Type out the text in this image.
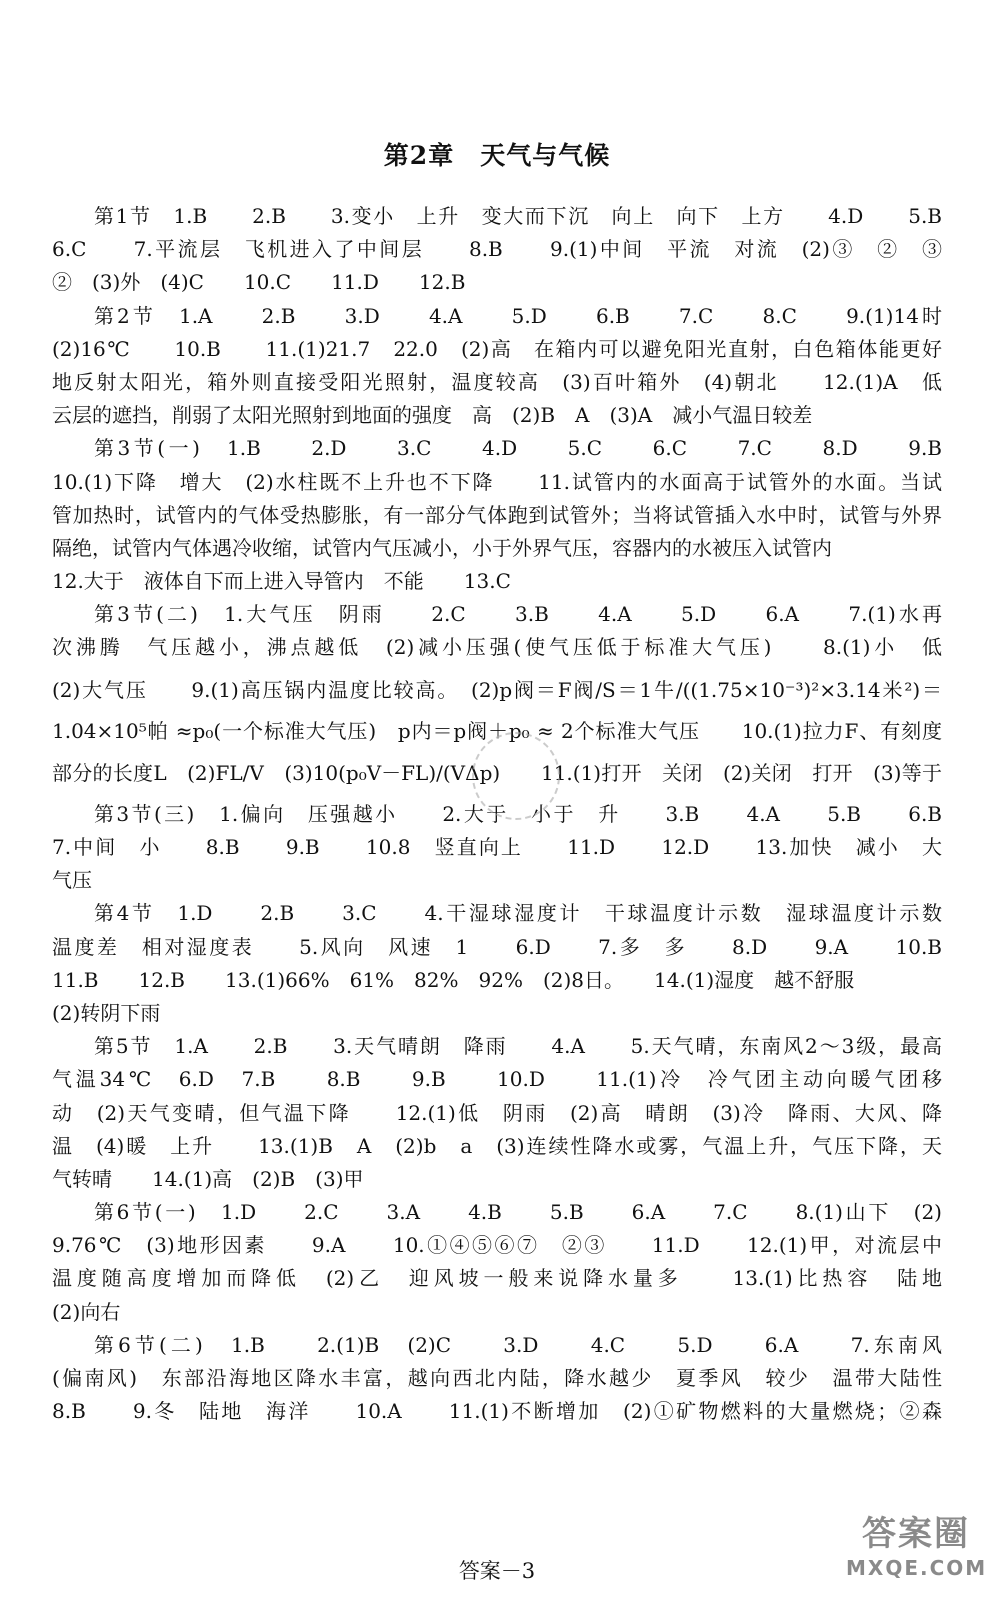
第2章　天气与气候
第1节　1.B　　2.B　　3.变小　上升　变大而下沉　向上　向下　上方　　4.D　　5.B
6.C　　7.平流层　飞机进入了中间层　　8.B　　9.(1)中间　平流　对流　(2)③　②　③
②　(3)外　(4)C　　10.C　　11.D　　12.B
第2节　1.A　　2.B　　3.D　　4.A　　5.D　　6.B　　7.C　　8.C　　9.(1)14时
(2)16℃　　10.B　　11.(1)21.7　22.0　(2)高　在箱内可以避免阳光直射，白色箱体能更好
地反射太阳光，箱外则直接受阳光照射，温度较高　(3)百叶箱外　(4)朝北　　12.(1)A　低
云层的遮挡，削弱了太阳光照射到地面的强度　高　(2)B　A　(3)A　减小气温日较差
第3节(一)　1.B　　2.D　　3.C　　4.D　　5.C　　6.C　　7.C　　8.D　　9.B
10.(1)下降　增大　(2)水柱既不上升也不下降　　11.试管内的水面高于试管外的水面。当试
管加热时，试管内的气体受热膨胀，有一部分气体跑到试管外；当将试管插入水中时，试管与外界
隔绝，试管内气体遇冷收缩，试管内气压减小，小于外界气压，容器内的水被压入试管内
12.大于　液体自下而上进入导管内　不能　　13.C
第3节(二)　1.大气压　阴雨　　2.C　　3.B　　4.A　　5.D　　6.A　　7.(1)水再
次沸腾　气压越小，沸点越低　(2)减小压强(使气压低于标准大气压)　　8.(1)小　低
(2)大气压　　9.(1)高压锅内温度比较高。　(2)p阀＝F阀/S＝1牛/((1.75×10⁻³)²×3.14米²)＝
1.04×10⁵帕 ≈p₀(一个标准大气压)　p内＝p阀＋p₀ ≈ 2个标准大气压　　10.(1)拉力F、有刻度
部分的长度L　(2)FL/V　(3)10(p₀V－FL)/(VΔp)　　11.(1)打开　关闭　(2)关闭　打开　(3)等于
第3节(三)　1.偏向　压强越小　　2.大于　小于　升　　3.B　　4.A　　5.B　　6.B
7.中间　小　　8.B　　9.B　　10.8　竖直向上　　11.D　　12.D　　13.加快　减小　大
气压
第4节　1.D　　2.B　　3.C　　4.干湿球湿度计　干球温度计示数　湿球温度计示数
温度差　相对湿度表　　5.风向　风速　1　　6.D　　7.多　多　　8.D　　9.A　　10.B
11.B　　12.B　　13.(1)66%　61%　82%　92%　(2)8日。　　14.(1)湿度　越不舒服
(2)转阴下雨
第5节　1.A　　2.B　　3.天气晴朗　降雨　　4.A　　5.天气晴，东南风2～3级，最高
气温34℃　6.D　7.B　　8.B　　9.B　　10.D　　11.(1)冷　冷气团主动向暖气团移
动　(2)天气变晴，但气温下降　　12.(1)低　阴雨　(2)高　晴朗　(3)冷　降雨、大风、降
温　(4)暖　上升　　13.(1)B　A　(2)b　a　(3)连续性降水或雾，气温上升，气压下降，天
气转晴　　14.(1)高　(2)B　(3)甲
第6节(一)　1.D　　2.C　　3.A　　4.B　　5.B　　6.A　　7.C　　8.(1)山下　(2)
9.76℃　(3)地形因素　　9.A　　10.①④⑤⑥⑦　②③　　11.D　　12.(1)甲，对流层中
温度随高度增加而降低　(2)乙　迎风坡一般来说降水量多　　13.(1)比热容　陆地
(2)向右
第6节(二)　1.B　　2.(1)B　(2)C　　3.D　　4.C　　5.D　　6.A　　7.东南风
(偏南风)　东部沿海地区降水丰富，越向西北内陆，降水越少　夏季风　较少　温带大陆性
8.B　　9.冬　陆地　海洋　　10.A　　11.(1)不断增加　(2)①矿物燃料的大量燃烧；②森
答案－3
答案圈
MXQE.COM
